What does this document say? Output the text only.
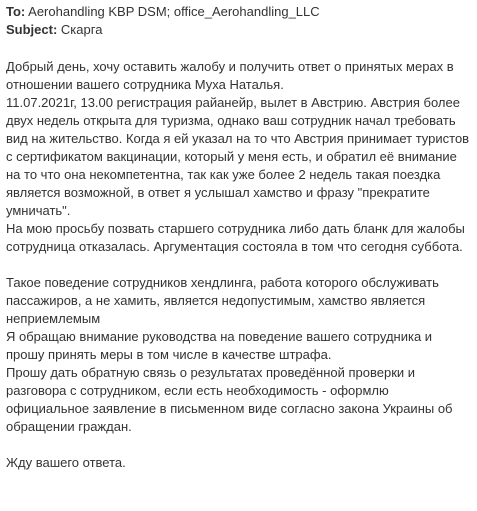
To: Aerohandling KBP DSM; office_Aerohandling_LLC
Subject: Скарга
Добрый день, хочу оставить жалобу и получить ответ о принятых мерах в
отношении вашего сотрудника Муха Наталья.
11.07.2021г, 13.00 регистрация райанейр, вылет в Австрию. Австрия более
двух недель открыта для туризма, однако ваш сотрудник начал требовать
вид на жительство. Когда я ей указал на то что Австрия принимает туристов
с сертификатом вакцинации, который у меня есть, и обратил её внимание
на то что она некомпетентна, так как уже более 2 недель такая поездка
является возможной, в ответ я услышал хамство и фразу "прекратите
умничать".
На мою просьбу позвать старшего сотрудника либо дать бланк для жалобы
сотрудница отказалась. Аргументация состояла в том что сегодня суббота.
Такое поведение сотрудников хендлинга, работа которого обслуживать
пассажиров, а не хамить, является недопустимым, хамство является
неприемлемым
Я обращаю внимание руководства на поведение вашего сотрудника и
прошу принять меры в том числе в качестве штрафа.
Прошу дать обратную связь о результатах проведённой проверки и
разговора с сотрудником, если есть необходимость - оформлю
официальное заявление в письменном виде согласно закона Украины об
обращении граждан.
Жду вашего ответа.
